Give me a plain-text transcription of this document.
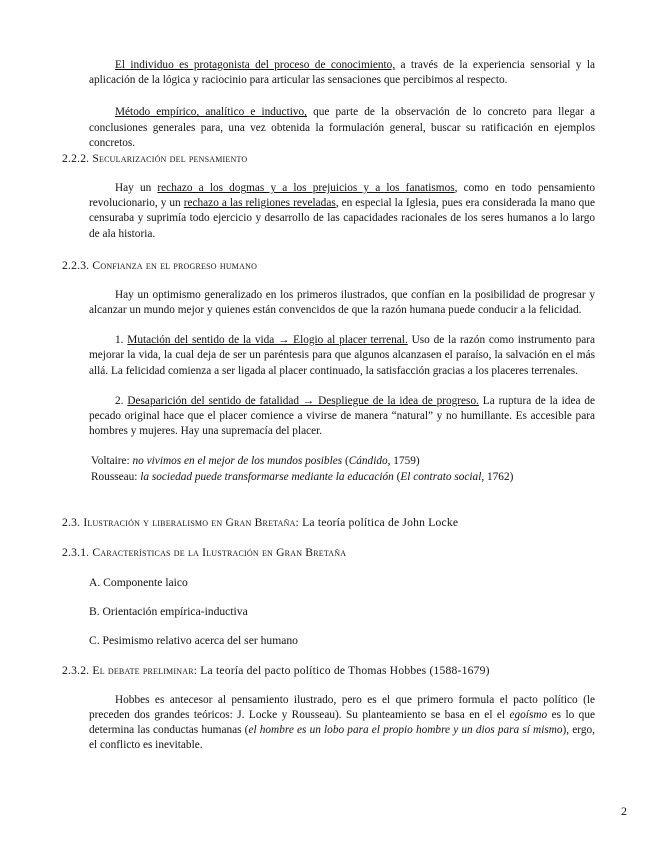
El individuo es protagonista del proceso de conocimiento, a través de la experiencia sensorial y la aplicación de la lógica y raciocinio para articular las sensaciones que percibimos al respecto.

Método empírico, analítico e inductivo, que parte de la observación de lo concreto para llegar a conclusiones generales para, una vez obtenida la formulación general, buscar su ratificación en ejemplos concretos.

2.2.2. Secularización del pensamiento

Hay un rechazo a los dogmas y a los prejuicios y a los fanatismos, como en todo pensamiento revolucionario, y un rechazo a las religiones reveladas, en especial la Iglesia, pues era considerada la mano que censuraba y suprimía todo ejercicio y desarrollo de las capacidades racionales de los seres humanos a lo largo de ala historia.

2.2.3. Confianza en el progreso humano

Hay un optimismo generalizado en los primeros ilustrados, que confían en la posibilidad de progresar y alcanzar un mundo mejor y quienes están convencidos de que la razón humana puede conducir a la felicidad.

1. Mutación del sentido de la vida → Elogio al placer terrenal. Uso de la razón como instrumento para mejorar la vida, la cual deja de ser un paréntesis para que algunos alcanzasen el paraíso, la salvación en el más allá. La felicidad comienza a ser ligada al placer continuado, la satisfacción gracias a los placeres terrenales.

2. Desaparición del sentido de fatalidad → Despliegue de la idea de progreso. La ruptura de la idea de pecado original hace que el placer comience a vivirse de manera “natural” y no humillante. Es accesible para hombres y mujeres. Hay una supremacía del placer.

Voltaire: no vivimos en el mejor de los mundos posibles (Cándido, 1759)

Rousseau: la sociedad puede transformarse mediante la educación (El contrato social, 1762)

2.3. Ilustración y liberalismo en Gran Bretaña: La teoría política de John Locke
2.3.1. Características de la Ilustración en Gran Bretaña
A. Componente laico
B. Orientación empírica-inductiva
C. Pesimismo relativo acerca del ser humano
2.3.2. El debate preliminar: La teoría del pacto político de Thomas Hobbes (1588-1679)

Hobbes es antecesor al pensamiento ilustrado, pero es el que primero formula el pacto político (le preceden dos grandes teóricos: J. Locke y Rousseau). Su planteamiento se basa en el el egoísmo es lo que determina las conductas humanas (el hombre es un lobo para el propio hombre y un dios para sí mismo), ergo, el conflicto es inevitable.

2
